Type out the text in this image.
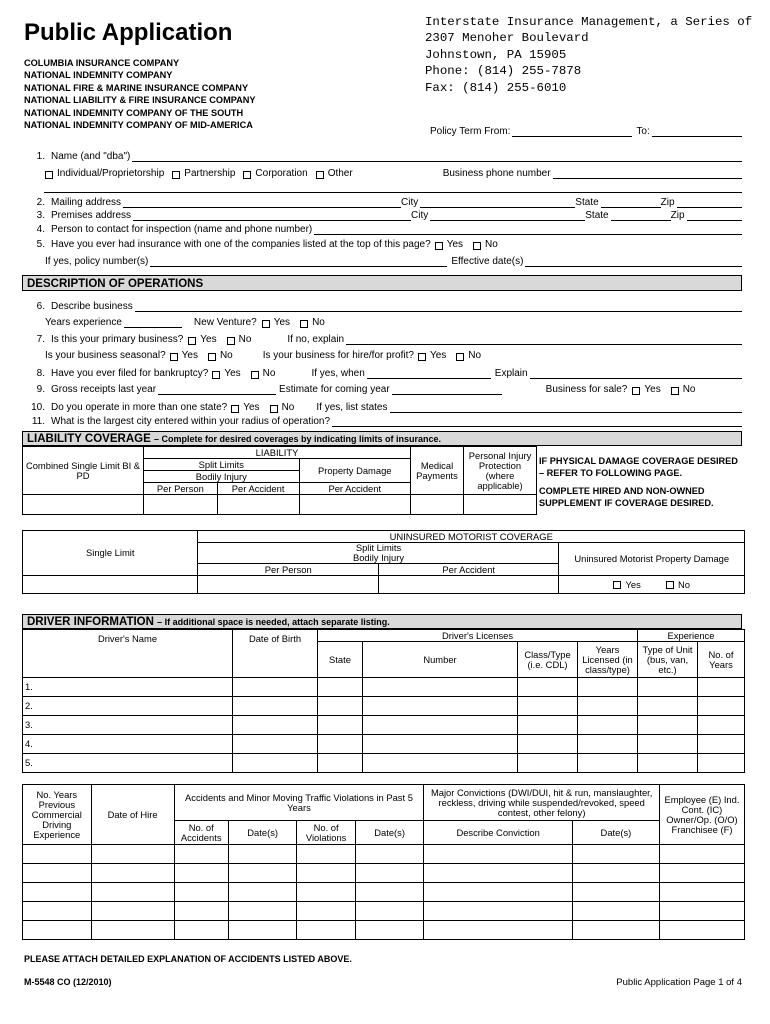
Public Application
COLUMBIA INSURANCE COMPANY
NATIONAL INDEMNITY COMPANY
NATIONAL FIRE & MARINE INSURANCE COMPANY
NATIONAL LIABILITY & FIRE INSURANCE COMPANY
NATIONAL INDEMNITY COMPANY OF THE SOUTH
NATIONAL INDEMNITY COMPANY OF MID-AMERICA
Interstate Insurance Management, a Series of
2307 Menoher Boulevard
Johnstown, PA 15905
Phone: (814) 255-7878
Fax: (814) 255-6010
Policy Term From:	To:
1. Name (and "dba")
Individual/Proprietorship Partnership Corporation Other	Business phone number
2. Mailing address	City	State	Zip
3. Premises address	City	State	Zip
4. Person to contact for inspection (name and phone number)
5. Have you ever had insurance with one of the companies listed at the top of this page? Yes No
If yes, policy number(s)	Effective date(s)
DESCRIPTION OF OPERATIONS
6. Describe business
Years experience	New Venture? Yes No
7. Is this your primary business? Yes No	If no, explain
Is your business seasonal? Yes No	Is your business for hire/for profit? Yes No
8. Have you ever filed for bankruptcy? Yes No	If yes, when	Explain
9. Gross receipts last year	Estimate for coming year	Business for sale? Yes No
10. Do you operate in more than one state? Yes No If yes, list states
11. What is the largest city entered within your radius of operation?
LIABILITY COVERAGE – Complete for desired coverages by indicating limits of insurance.
Combined Single Limit BI & PD	LIABILITY			Medical Payments	Personal Injury Protection (where applicable)
	Split Limits		Property Damage		
	Bodily Injury				
	Per Person	Per Accident	Per Accident		

IF PHYSICAL DAMAGE COVERAGE DESIRED – REFER TO FOLLOWING PAGE.
COMPLETE HIRED AND NON-OWNED SUPPLEMENT IF COVERAGE DESIRED.
Single Limit	UNINSURED MOTORIST COVERAGE		

	Split Limits
Bodily Injury		Uninsured Motorist Property Damage
	Per Person	Per Accident	
			Yes No
DRIVER INFORMATION – If additional space is needed, attach separate listing.
Driver's Name	Date of Birth	Driver's Licenses				Experience	
		State	Number	Class/Type (i.e. CDL)	Years Licensed (in class/type)	Type of Unit (bus, van, etc.)	No. of Years
1.							
2.							
3.							
4.							
5.							
No. Years Previous Commercial Driving Experience	Date of Hire	Accidents and Minor Moving Traffic Violations in Past 5 Years				Major Convictions (DWI/DUI, hit & run, manslaughter, reckless, driving while suspended/revoked, speed contest, other felony)		Employee (E) Ind. Cont. (IC) Owner/Op. (O/O) Franchisee (F)
		No. of Accidents	Date(s)	No. of Violations	Date(s)	Describe Conviction	Date(s)	

PLEASE ATTACH DETAILED EXPLANATION OF ACCIDENTS LISTED ABOVE.
M-5548 CO (12/2010)	Public Application Page 1 of 4
